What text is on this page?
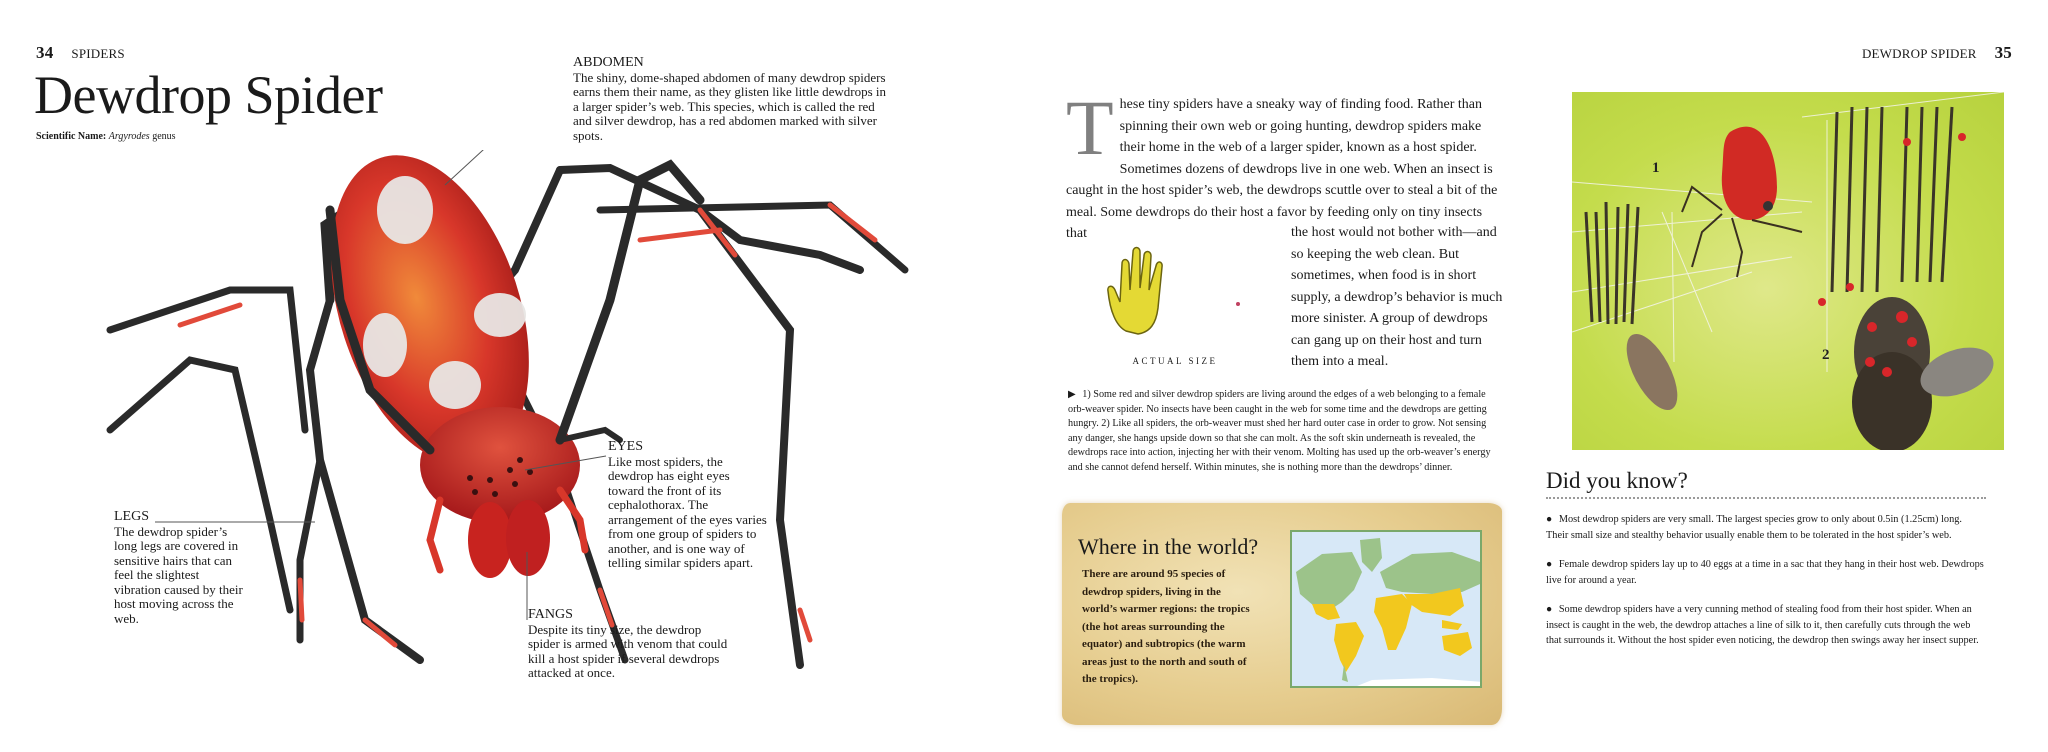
34 SPIDERS
Dewdrop Spider
Scientific Name: Argyrodes genus
ABDOMEN
The shiny, dome-shaped abdomen of many dewdrop spiders earns them their name, as they glisten like little dewdrops in a larger spider’s web. This species, which is called the red and silver dewdrop, has a red abdomen marked with silver spots.
EYES
Like most spiders, the dewdrop has eight eyes toward the front of its cephalothorax. The arrangement of the eyes varies from one group of spiders to another, and is one way of telling similar spiders apart.
LEGS
The dewdrop spider’s long legs are covered in sensitive hairs that can feel the slightest vibration caused by their host moving across the web.	FANGS
Despite its tiny size, the dewdrop spider is armed with venom that could kill a host spider if several dewdrops attacked at once.
DEWDROP SPIDER 35
T hese tiny spiders have a sneaky way of finding food. Rather than spinning their own web or going hunting, dewdrop spiders make their home in the web of a larger spider, known as a host spider. Sometimes dozens of dewdrops live in one web. When an insect is caught in the host spider’s web, the dewdrops scuttle over to steal a bit of the meal. Some dewdrops do their host a favor by feeding only on tiny insects that	the host would not bother with—and so keeping the web clean. But sometimes, when food is in short supply, a dewdrop’s behavior is much more sinister. A group of dewdrops can gang up on their host and turn them into a meal.
ACTUAL SIZE
▶ 1) Some red and silver dewdrop spiders are living around the edges of a web belonging to a female orb-weaver spider. No insects have been caught in the web for some time and the dewdrops are getting hungry. 2) Like all spiders, the orb-weaver must shed her hard outer case in order to grow. Not sensing any danger, she hangs upside down so that she can molt. As the soft skin underneath is revealed, the dewdrops race into action, injecting her with their venom. Molting has used up the orb-weaver’s energy and she cannot defend herself. Within minutes, she is nothing more than the dewdrops’ dinner.
Where in the world?
There are around 95 species of dewdrop spiders, living in the world’s warmer regions: the tropics (the hot areas surrounding the equator) and subtropics (the warm areas just to the north and south of the tropics).
1
2
Did you know?
● Most dewdrop spiders are very small. The largest species grow to only about 0.5in (1.25cm) long. Their small size and stealthy behavior usually enable them to be tolerated in the host spider’s web.
● Female dewdrop spiders lay up to 40 eggs at a time in a sac that they hang in their host web. Dewdrops live for around a year.
● Some dewdrop spiders have a very cunning method of stealing food from their host spider. When an insect is caught in the web, the dewdrop attaches a line of silk to it, then carefully cuts through the web that surrounds it. Without the host spider even noticing, the dewdrop then swings away her insect supper.
